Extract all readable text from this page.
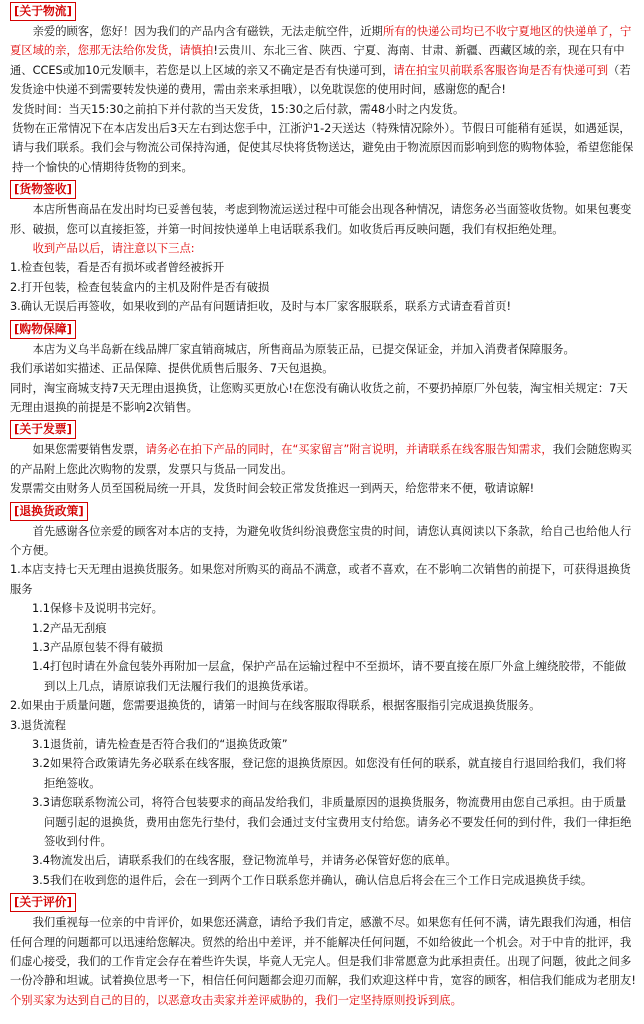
[关于物流]

亲爱的顾客，您好！因为我们的产品内含有磁铁，无法走航空件，近期所有的快递公司均已不收宁夏地区的快递单了，宁夏区域的亲，您那无法给你发货，请慎拍!云贵川、东北三省、陕西、宁夏、海南、甘肃、新疆、西藏区域的亲，现在只有中通、CCES或加10元发顺丰，若您是以上区域的亲又不确定是否有快递可到，请在拍宝贝前联系客服咨询是否有快递可到（若发货途中快递不到需要转发快递的费用，需由亲来承担哦），以免耽误您的使用时间，感谢您的配合!

发货时间：当天15:30之前拍下并付款的当天发货，15:30之后付款，需48小时之内发货。

货物在正常情况下在本店发出后3天左右到达您手中，江浙沪1-2天送达（特殊情况除外）。节假日可能稍有延误，如遇延误，请与我们联系。我们会与物流公司保持沟通，促使其尽快将货物送达，避免由于物流原因而影响到您的购物体验，希望您能保持一个愉快的心情期待货物的到来。

[货物签收]

本店所售商品在发出时均已妥善包装，考虑到物流运送过程中可能会出现各种情况，请您务必当面签收货物。如果包裹变形、破损，您可以直接拒签，并第一时间按快递单上电话联系我们。如收货后再反映问题，我们有权拒绝处理。

收到产品以后，请注意以下三点:

1.检查包装，看是否有损坏或者曾经被拆开

2.打开包装，检查包装盒内的主机及附件是否有破损

3.确认无误后再签收，如果收到的产品有问题请拒收，及时与本厂家客服联系，联系方式请查看首页!

[购物保障]

本店为义乌半岛新在线品牌厂家直销商城店，所售商品为原装正品，已提交保证金，并加入消费者保障服务。

我们承诺如实描述、正品保障、提供优质售后服务、7天包退换。

同时，淘宝商城支持7天无理由退换货，让您购买更放心!在您没有确认收货之前，不要扔掉原厂外包装，淘宝相关规定：7天无理由退换的前提是不影响2次销售。

[关于发票]

如果您需要销售发票，请务必在拍下产品的同时，在“买家留言”附言说明，并请联系在线客服告知需求，我们会随您购买的产品附上您此次购物的发票，发票只与货品一同发出。

发票需交由财务人员至国税局统一开具，发货时间会较正常发货推迟一到两天，给您带来不便，敬请谅解!

[退换货政策]

首先感谢各位亲爱的顾客对本店的支持，为避免收货纠纷浪费您宝贵的时间，请您认真阅读以下条款，给自己也给他人行个方便。

1.本店支持七天无理由退换货服务。如果您对所购买的商品不满意，或者不喜欢，在不影响二次销售的前提下，可获得退换货服务

1.1保修卡及说明书完好。

1.2产品无刮痕

1.3产品原包装不得有破损

1.4打包时请在外盒包装外再附加一层盒，保护产品在运输过程中不至损坏，请不要直接在原厂外盒上缠绕胶带，不能做到以上几点，请原谅我们无法履行我们的退换货承诺。

2.如果由于质量问题，您需要退换货的，请第一时间与在线客服取得联系，根据客服指引完成退换货服务。

3.退货流程

3.1退货前，请先检查是否符合我们的“退换货政策”

3.2如果符合政策请先务必联系在线客服，登记您的退换货原因。如您没有任何的联系，就直接自行退回给我们，我们将拒绝签收。

3.3请您联系物流公司，将符合包装要求的商品发给我们，非质量原因的退换货服务，物流费用由您自己承担。由于质量问题引起的退换货，费用由您先行垫付，我们会通过支付宝费用支付给您。请务必不要发任何的到付件，我们一律拒绝签收到付件。

3.4物流发出后，请联系我们的在线客服，登记物流单号，并请务必保管好您的底单。

3.5我们在收到您的退件后，会在一到两个工作日联系您并确认，确认信息后将会在三个工作日完成退换货手续。

[关于评价]

我们重视每一位亲的中肯评价，如果您还满意，请给予我们肯定，感激不尽。如果您有任何不满，请先跟我们沟通，相信任何合理的问题都可以迅速给您解决。贸然的给出中差评，并不能解决任何问题，不如给彼此一个机会。对于中肯的批评，我们虚心接受，我们的工作肯定会存在着些许失误，毕竟人无完人。但是我们非常愿意为此承担责任。出现了问题，彼此之间多一份冷静和坦诚。试着换位思考一下，相信任何问题都会迎刃而解，我们欢迎这样中肯，宽容的顾客，相信我们能成为老朋友!个别买家为达到自己的目的，以恶意攻击卖家并差评威胁的，我们一定坚持原则投诉到底。
